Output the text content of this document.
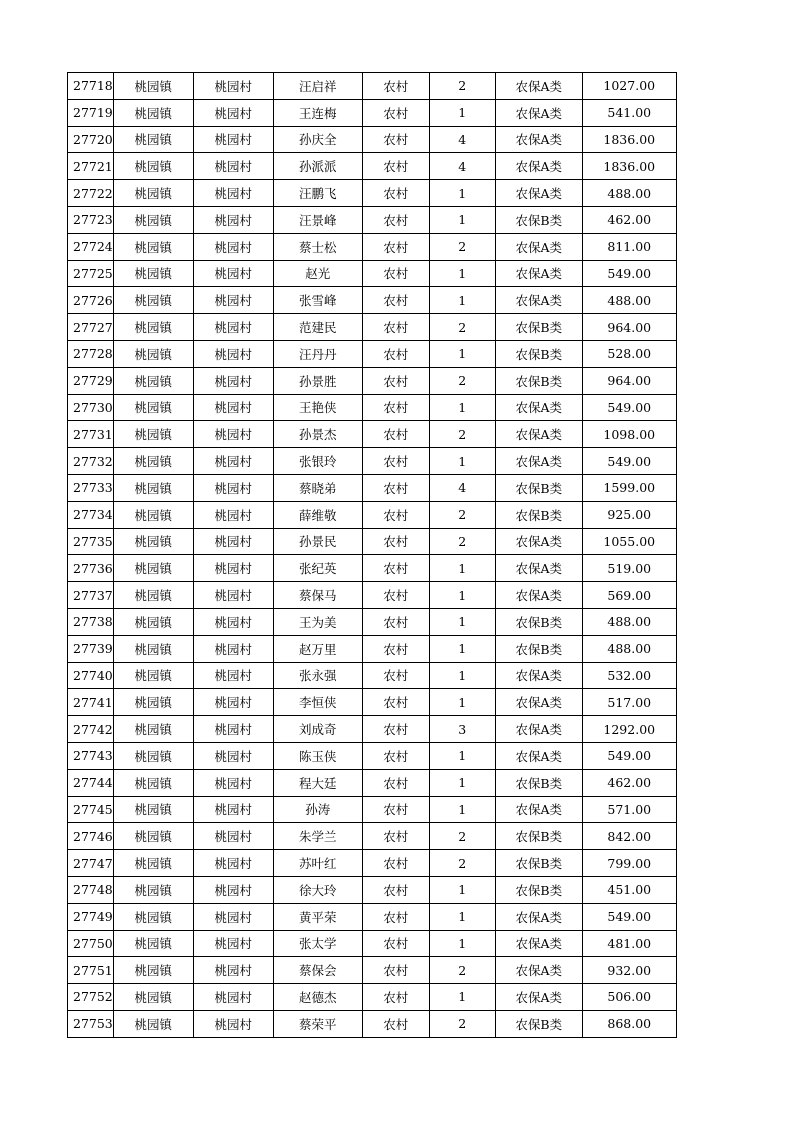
27718	桃园镇	桃园村	汪启祥	农村	2	农保A类	1027.00
27719	桃园镇	桃园村	王连梅	农村	1	农保A类	541.00
27720	桃园镇	桃园村	孙庆全	农村	4	农保A类	1836.00
27721	桃园镇	桃园村	孙派派	农村	4	农保A类	1836.00
27722	桃园镇	桃园村	汪鹏飞	农村	1	农保A类	488.00
27723	桃园镇	桃园村	汪景峰	农村	1	农保B类	462.00
27724	桃园镇	桃园村	蔡士松	农村	2	农保A类	811.00
27725	桃园镇	桃园村	赵光	农村	1	农保A类	549.00
27726	桃园镇	桃园村	张雪峰	农村	1	农保A类	488.00
27727	桃园镇	桃园村	范建民	农村	2	农保B类	964.00
27728	桃园镇	桃园村	汪丹丹	农村	1	农保B类	528.00
27729	桃园镇	桃园村	孙景胜	农村	2	农保B类	964.00
27730	桃园镇	桃园村	王艳侠	农村	1	农保A类	549.00
27731	桃园镇	桃园村	孙景杰	农村	2	农保A类	1098.00
27732	桃园镇	桃园村	张银玲	农村	1	农保A类	549.00
27733	桃园镇	桃园村	蔡晓弟	农村	4	农保B类	1599.00
27734	桃园镇	桃园村	薛维敬	农村	2	农保B类	925.00
27735	桃园镇	桃园村	孙景民	农村	2	农保A类	1055.00
27736	桃园镇	桃园村	张纪英	农村	1	农保A类	519.00
27737	桃园镇	桃园村	蔡保马	农村	1	农保A类	569.00
27738	桃园镇	桃园村	王为美	农村	1	农保B类	488.00
27739	桃园镇	桃园村	赵万里	农村	1	农保B类	488.00
27740	桃园镇	桃园村	张永强	农村	1	农保A类	532.00
27741	桃园镇	桃园村	李恒侠	农村	1	农保A类	517.00
27742	桃园镇	桃园村	刘成奇	农村	3	农保A类	1292.00
27743	桃园镇	桃园村	陈玉侠	农村	1	农保A类	549.00
27744	桃园镇	桃园村	程大廷	农村	1	农保B类	462.00
27745	桃园镇	桃园村	孙涛	农村	1	农保A类	571.00
27746	桃园镇	桃园村	朱学兰	农村	2	农保B类	842.00
27747	桃园镇	桃园村	苏叶红	农村	2	农保B类	799.00
27748	桃园镇	桃园村	徐大玲	农村	1	农保B类	451.00
27749	桃园镇	桃园村	黄平荣	农村	1	农保A类	549.00
27750	桃园镇	桃园村	张太学	农村	1	农保A类	481.00
27751	桃园镇	桃园村	蔡保会	农村	2	农保A类	932.00
27752	桃园镇	桃园村	赵德杰	农村	1	农保A类	506.00
27753	桃园镇	桃园村	蔡荣平	农村	2	农保B类	868.00
